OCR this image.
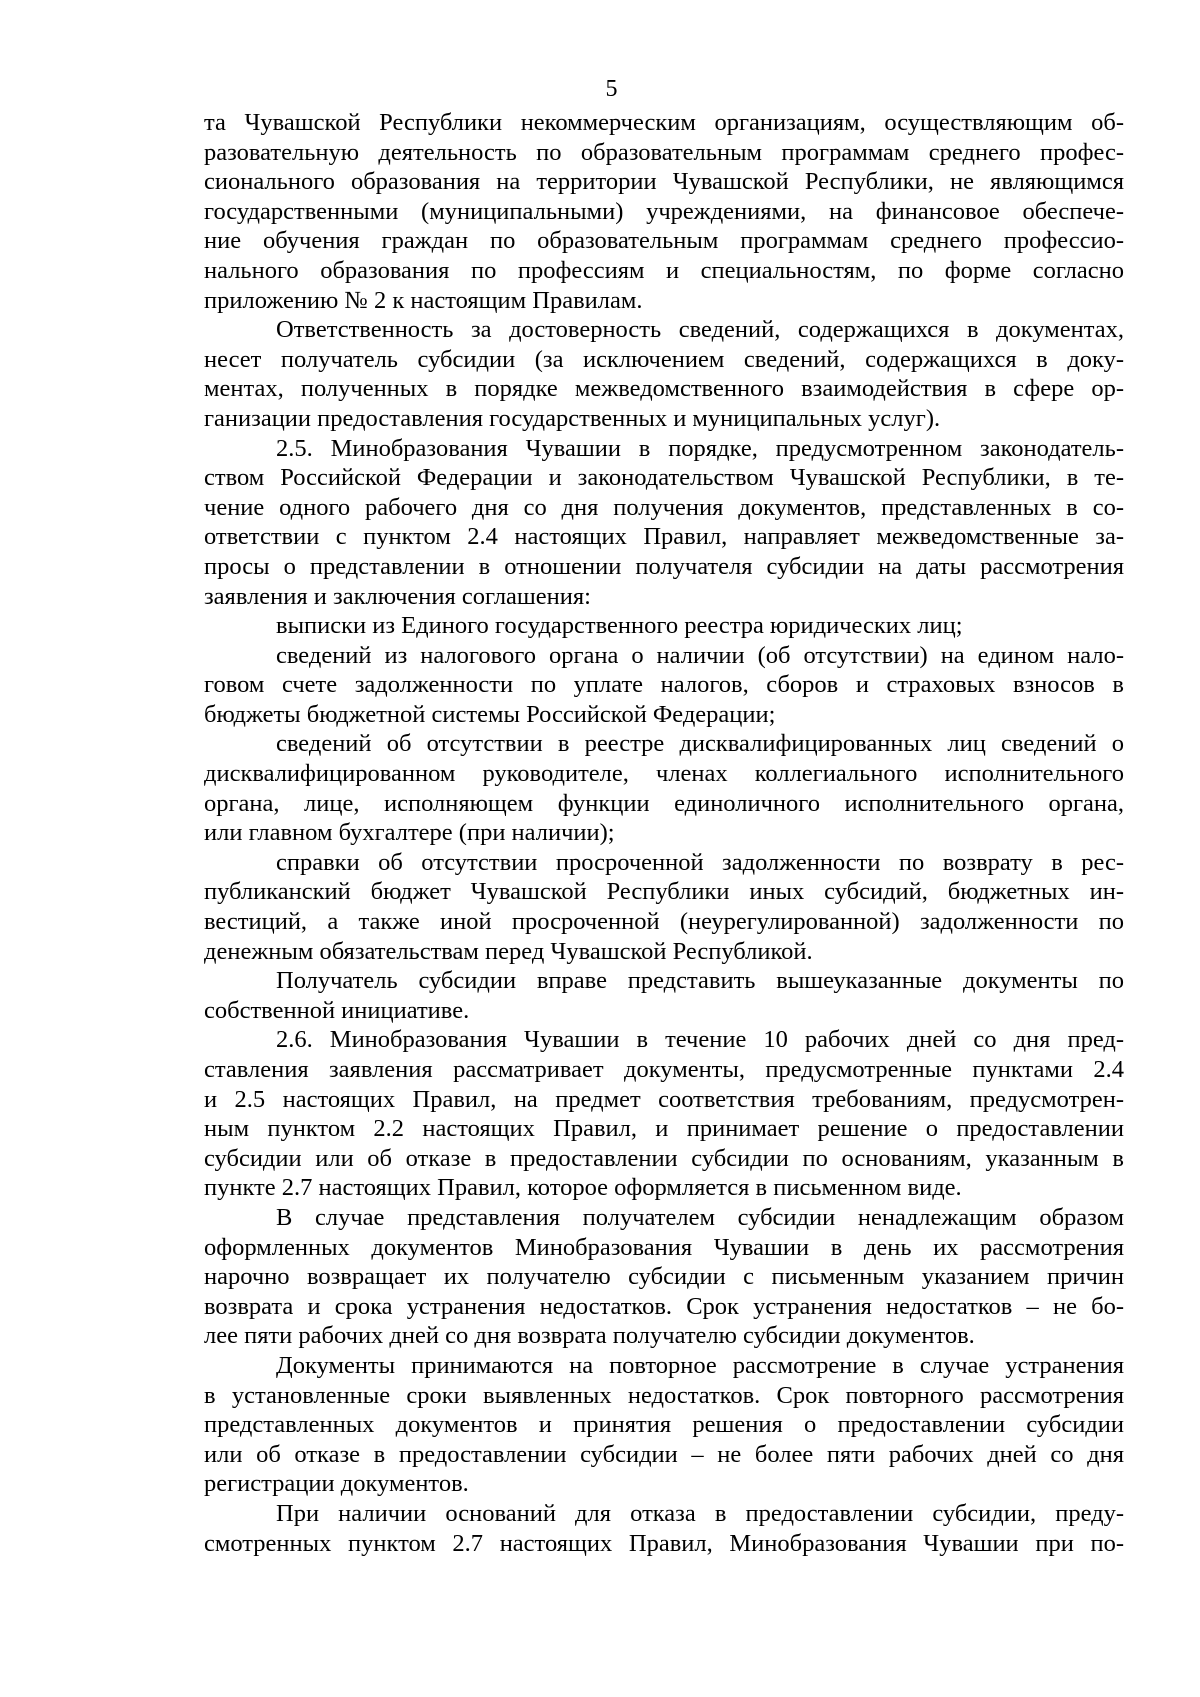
5
та Чувашской Республики некоммерческим организациям, осуществляющим об-
разовательную деятельность по образовательным программам среднего профес-
сионального образования на территории Чувашской Республики, не являющимся
государственными (муниципальными) учреждениями, на финансовое обеспече-
ние обучения граждан по образовательным программам среднего профессио-
нального образования по профессиям и специальностям, по форме согласно
приложению № 2 к настоящим Правилам.
Ответственность за достоверность сведений, содержащихся в документах,
несет получатель субсидии (за исключением сведений, содержащихся в доку-
ментах, полученных в порядке межведомственного взаимодействия в сфере ор-
ганизации предоставления государственных и муниципальных услуг).
2.5. Минобразования Чувашии в порядке, предусмотренном законодатель-
ством Российской Федерации и законодательством Чувашской Республики, в те-
чение одного рабочего дня со дня получения документов, представленных в со-
ответствии с пунктом 2.4 настоящих Правил, направляет межведомственные за-
просы о представлении в отношении получателя субсидии на даты рассмотрения
заявления и заключения соглашения:
выписки из Единого государственного реестра юридических лиц;
сведений из налогового органа о наличии (об отсутствии) на едином нало-
говом счете задолженности по уплате налогов, сборов и страховых взносов в
бюджеты бюджетной системы Российской Федерации;
сведений об отсутствии в реестре дисквалифицированных лиц сведений о
дисквалифицированном руководителе, членах коллегиального исполнительного
органа, лице, исполняющем функции единоличного исполнительного органа,
или главном бухгалтере (при наличии);
справки об отсутствии просроченной задолженности по возврату в рес-
публиканский бюджет Чувашской Республики иных субсидий, бюджетных ин-
вестиций, а также иной просроченной (неурегулированной) задолженности по
денежным обязательствам перед Чувашской Республикой.
Получатель субсидии вправе представить вышеуказанные документы по
собственной инициативе.
2.6. Минобразования Чувашии в течение 10 рабочих дней со дня пред-
ставления заявления рассматривает документы, предусмотренные пунктами 2.4
и 2.5 настоящих Правил, на предмет соответствия требованиям, предусмотрен-
ным пунктом 2.2 настоящих Правил, и принимает решение о предоставлении
субсидии или об отказе в предоставлении субсидии по основаниям, указанным в
пункте 2.7 настоящих Правил, которое оформляется в письменном виде.
В случае представления получателем субсидии ненадлежащим образом
оформленных документов Минобразования Чувашии в день их рассмотрения
нарочно возвращает их получателю субсидии с письменным указанием причин
возврата и срока устранения недостатков. Срок устранения недостатков – не бо-
лее пяти рабочих дней со дня возврата получателю субсидии документов.
Документы принимаются на повторное рассмотрение в случае устранения
в установленные сроки выявленных недостатков. Срок повторного рассмотрения
представленных документов и принятия решения о предоставлении субсидии
или об отказе в предоставлении субсидии – не более пяти рабочих дней со дня
регистрации документов.
При наличии оснований для отказа в предоставлении субсидии, преду-
смотренных пунктом 2.7 настоящих Правил, Минобразования Чувашии при по-
